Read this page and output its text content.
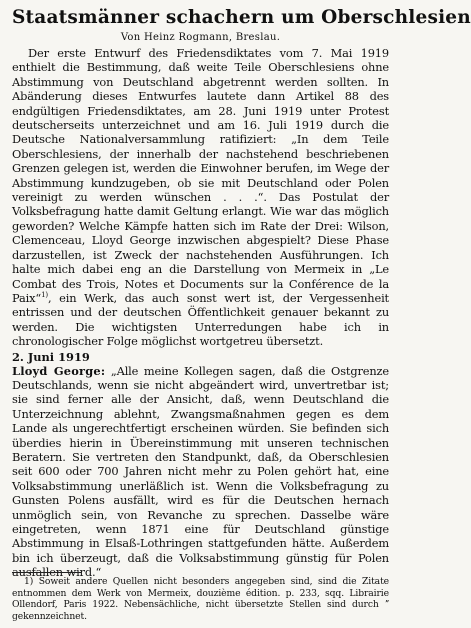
Staatsmänner schachern um Oberschlesien
Von Heinz Rogmann, Breslau.

Der erste Entwurf des Friedensdiktates vom 7. Mai 1919 enthielt die Bestimmung, daß weite Teile Oberschlesiens ohne Abstimmung von Deutschland abgetrennt werden sollten. In Abänderung dieses Entwurfes lautete dann Artikel 88 des endgültigen Friedensdiktates, am 28. Juni 1919 unter Protest deutscherseits unterzeichnet und am 16. Juli 1919 durch die Deutsche Nationalversammlung ratifiziert: „In dem Teile Oberschlesiens, der innerhalb der nachstehend beschriebenen Grenzen gelegen ist, werden die Einwohner berufen, im Wege der Abstimmung kundzugeben, ob sie mit Deutschland oder Polen vereinigt zu werden wünschen . . .“. Das Postulat der Volksbefragung hatte damit Geltung erlangt. Wie war das möglich geworden? Welche Kämpfe hatten sich im Rate der Drei: Wilson, Clemenceau, Lloyd George inzwischen abgespielt? Diese Phase darzustellen, ist Zweck der nachstehenden Ausführungen. Ich halte mich dabei eng an die Darstellung von Mermeix in „Le Combat des Trois, Notes et Documents sur la Conférence de la Paix“$^{1)}$, ein Werk, das auch sonst wert ist, der Vergessenheit entrissen und der deutschen Öffentlichkeit genauer bekannt zu werden. Die wichtigsten Unterredungen habe ich in chronologischer Folge möglichst wortgetreu übersetzt.

2. Juni 1919

Lloyd George: „Alle meine Kollegen sagen, daß die Ostgrenze Deutschlands, wenn sie nicht abgeändert wird, unvertretbar ist; sie sind ferner alle der Ansicht, daß, wenn Deutschland die Unterzeichnung ablehnt, Zwangsmaßnahmen gegen es dem Lande als ungerechtfertigt erscheinen würden. Sie befinden sich überdies hierin in Übereinstimmung mit unseren technischen Beratern. Sie vertreten den Standpunkt, daß, da Oberschlesien seit 600 oder 700 Jahren nicht mehr zu Polen gehört hat, eine Volksabstimmung unerläßlich ist. Wenn die Volksbefragung zu Gunsten Polens ausfällt, wird es für die Deutschen hernach unmöglich sein, von Revanche zu sprechen. Dasselbe wäre eingetreten, wenn 1871 eine für Deutschland günstige Abstimmung in Elsaß-Lothringen stattgefunden hätte. Außerdem bin ich überzeugt, daß die Volksabstimmung günstig für Polen ausfallen wird.“

1) Soweit andere Quellen nicht besonders angegeben sind, sind die Zitate entnommen dem Werk von Mermeix, douzième édition. p. 233, sqq. Librairie Ollendorf, Paris 1922. Nebensächliche, nicht übersetzte Stellen sind durch ˮ gekennzeichnet.
